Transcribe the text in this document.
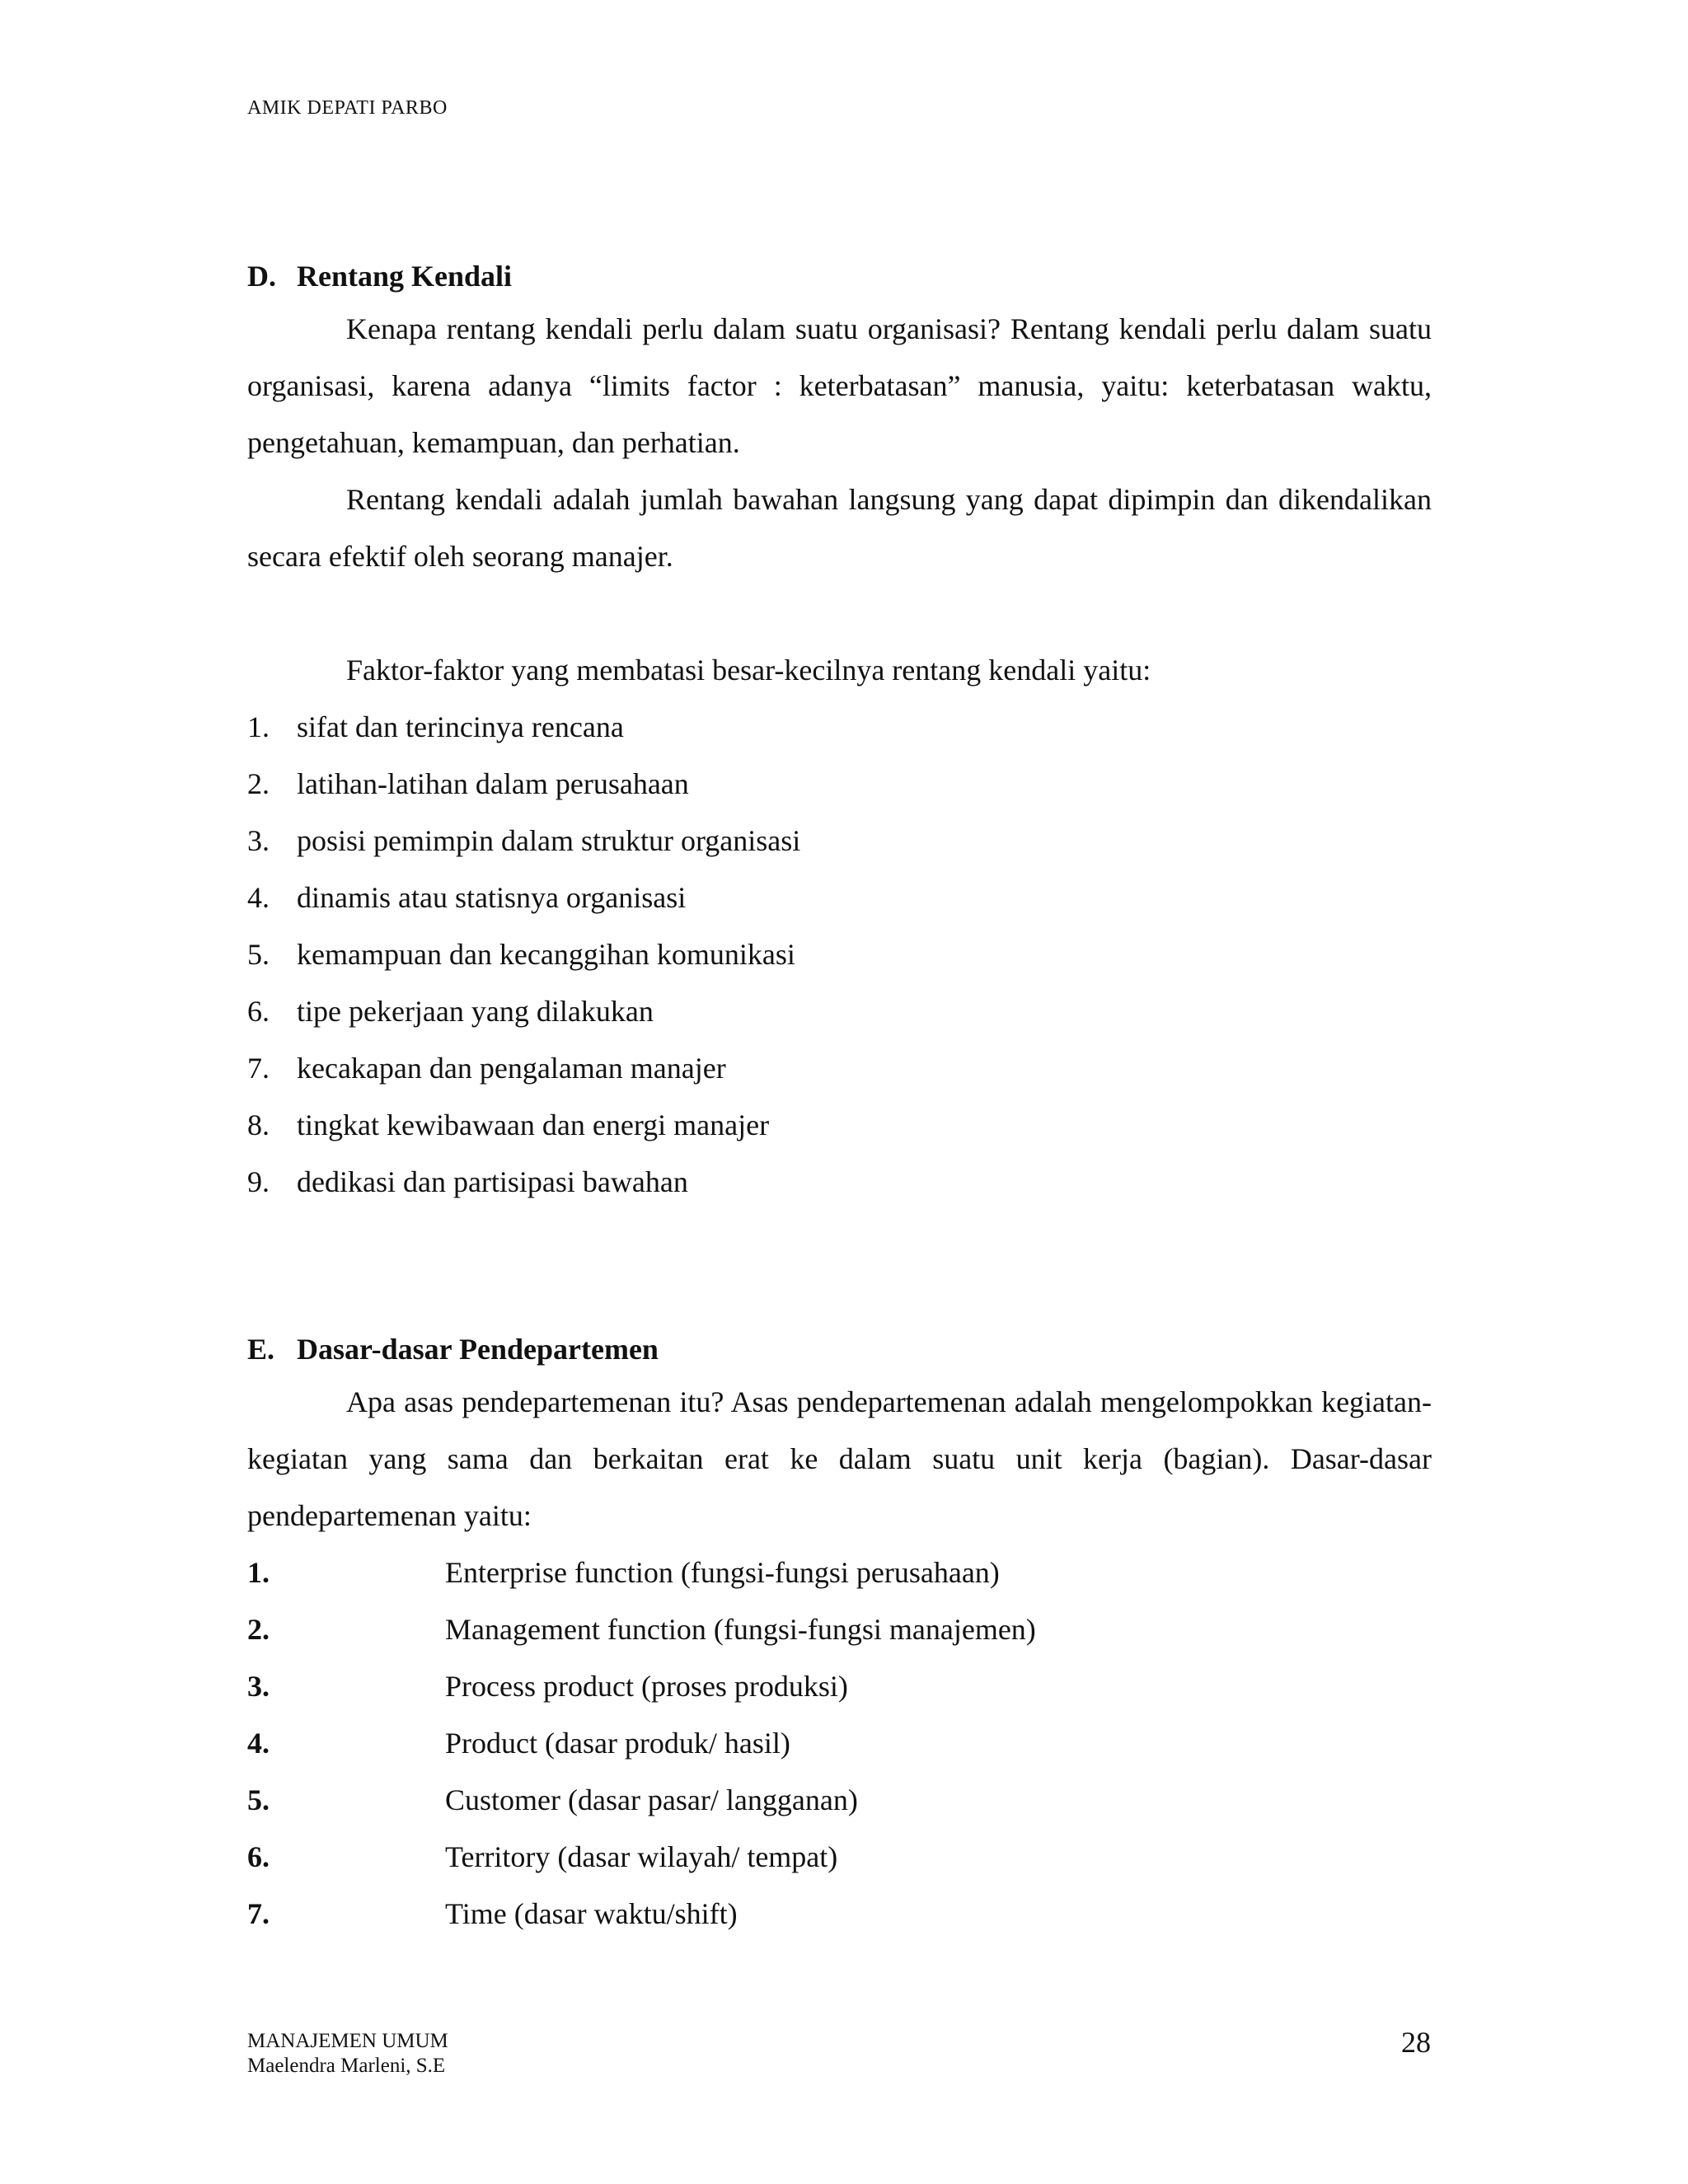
AMIK DEPATI PARBO
D. Rentang Kendali

Kenapa rentang kendali perlu dalam suatu organisasi? Rentang kendali perlu dalam suatu organisasi, karena adanya “limits factor : keterbatasan” manusia, yaitu: keterbatasan waktu, pengetahuan, kemampuan, dan perhatian.

Rentang kendali adalah jumlah bawahan langsung yang dapat dipimpin dan dikendalikan secara efektif oleh seorang manajer.

Faktor-faktor yang membatasi besar-kecilnya rentang kendali yaitu:

1. sifat dan terincinya rencana
2. latihan-latihan dalam perusahaan
3. posisi pemimpin dalam struktur organisasi
4. dinamis atau statisnya organisasi
5. kemampuan dan kecanggihan komunikasi
6. tipe pekerjaan yang dilakukan
7. kecakapan dan pengalaman manajer
8. tingkat kewibawaan dan energi manajer
9. dedikasi dan partisipasi bawahan
E. Dasar-dasar Pendepartemen

Apa asas pendepartemenan itu? Asas pendepartemenan adalah mengelompokkan kegiatan-kegiatan yang sama dan berkaitan erat ke dalam suatu unit kerja (bagian). Dasar-dasar pendepartemenan yaitu:

1.	Enterprise function (fungsi-fungsi perusahaan)
2.	Management function (fungsi-fungsi manajemen)
3.	Process product (proses produksi)
4.	Product (dasar produk/ hasil)
5.	Customer (dasar pasar/ langganan)
6.	Territory (dasar wilayah/ tempat)
7.	Time (dasar waktu/shift)
MANAJEMEN UMUM
Maelendra Marleni, S.E
28
